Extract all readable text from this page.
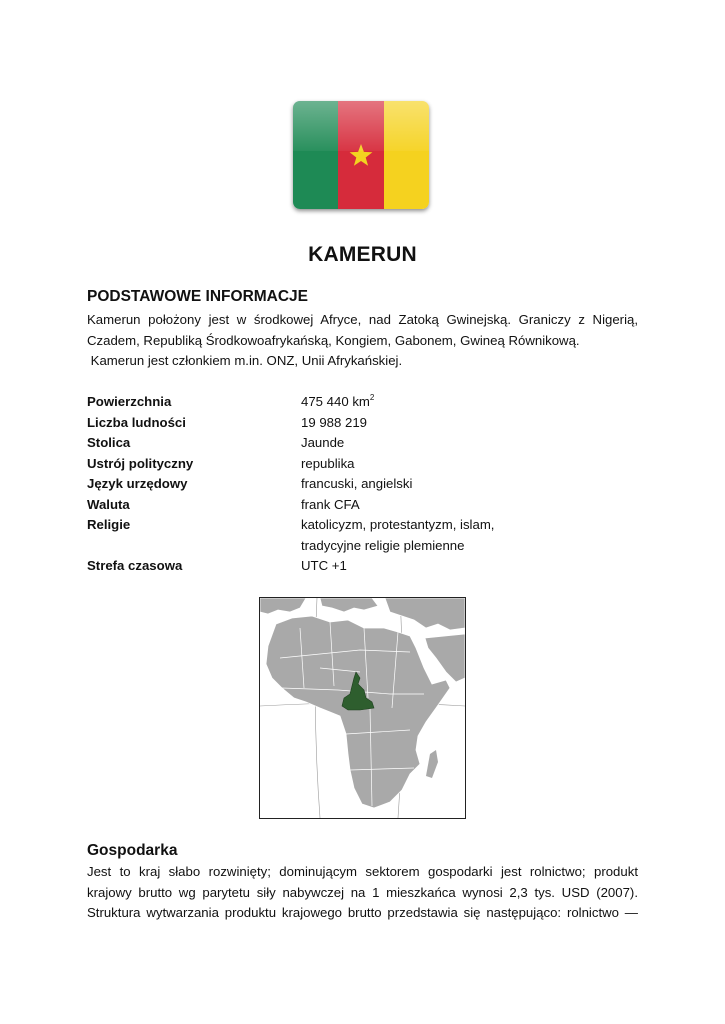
KAMERUN
PODSTAWOWE INFORMACJE
Kamerun położony jest w środkowej Afryce, nad Zatoką Gwinejską. Graniczy z Nigerią,
Czadem, Republiką Środkowoafrykańską, Kongiem, Gabonem, Gwineą Równikową.
Kamerun jest członkiem m.in. ONZ, Unii Afrykańskiej.
Powierzchnia	475 440 $km^2$
Liczba ludności	19 988 219
Stolica	Jaunde
Ustrój polityczny	republika
Język urzędowy	francuski, angielski
Waluta	frank CFA
Religie	katolicyzm, protestantyzm, islam,
tradycyjne religie plemienne
Strefa czasowa	UTC +1
Gospodarka
Jest to kraj słabo rozwinięty; dominującym sektorem gospodarki jest rolnictwo; produkt
krajowy brutto wg parytetu siły nabywczej na 1 mieszkańca wynosi 2,3 tys. USD (2007).
Struktura wytwarzania produktu krajowego brutto przedstawia się następująco: rolnictwo —
